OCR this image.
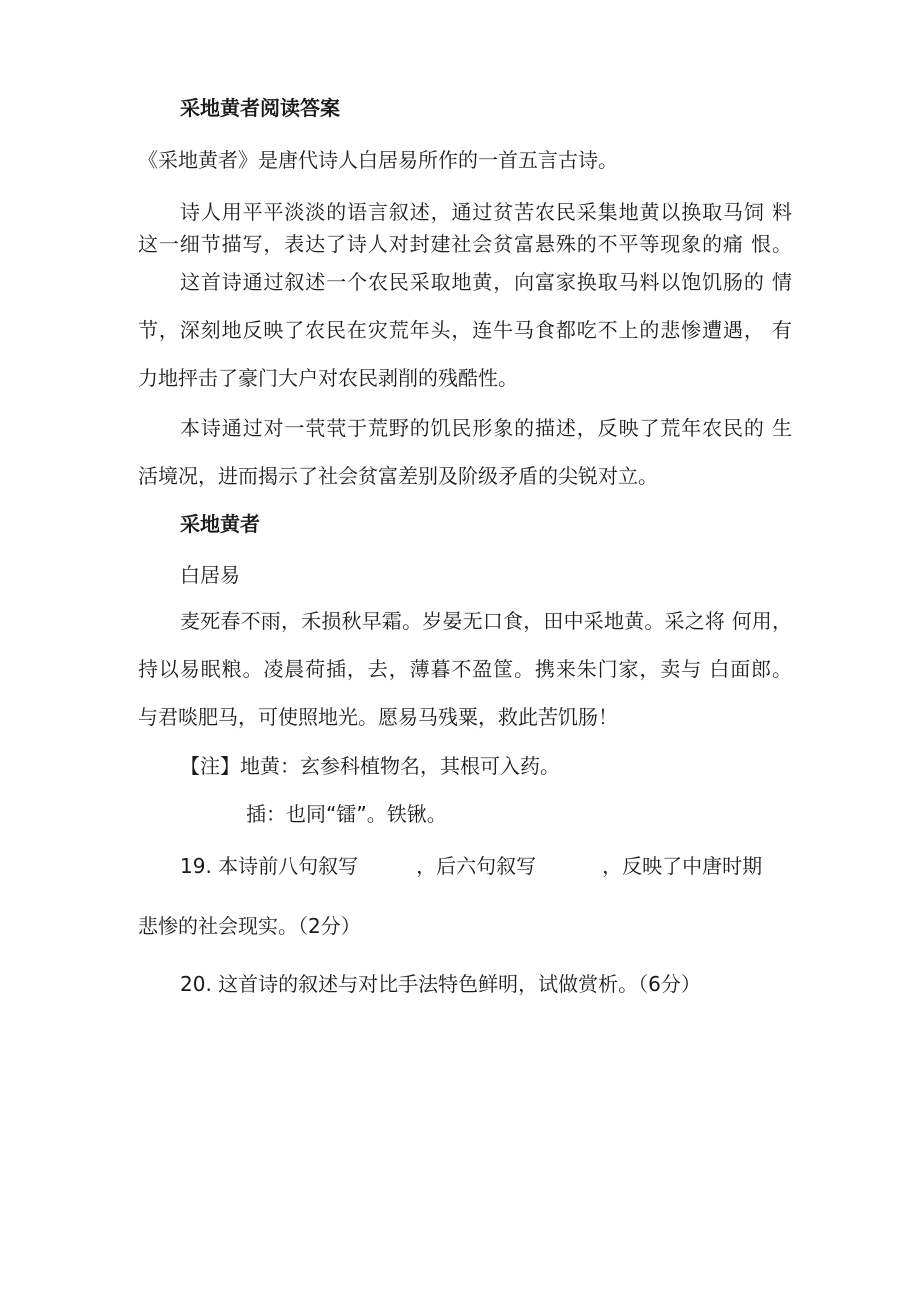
采地黄者阅读答案

《采地黄者》是唐代诗人白居易所作的一首五言古诗。

诗人用平平淡淡的语言叙述，通过贫苦农民采集地黄以换取马饲 料

这一细节描写，表达了诗人对封建社会贫富悬殊的不平等现象的痛 恨。

这首诗通过叙述一个农民采取地黄，向富家换取马料以饱饥肠的 情

节，深刻地反映了农民在灾荒年头，连牛马食都吃不上的悲惨遭遇， 有

力地抨击了豪门大户对农民剥削的残酷性。

本诗通过对一茕茕于荒野的饥民形象的描述，反映了荒年农民的 生

活境况，进而揭示了社会贫富差别及阶级矛盾的尖锐对立。

采地黄者

白居易

麦死春不雨，禾损秋早霜。岁晏无口食，田中采地黄。采之将 何用，

持以易眠粮。凌晨荷插，去，薄暮不盈筐。携来朱门家，卖与 白面郎。

与君啖肥马，可使照地光。愿易马残粟，救此苦饥肠！

【注】地黄：玄参科植物名，其根可入药。

插：也同“镭”。铁锹。

19. 本诗前八句叙写	，后六句叙写	，反映了中唐时期

悲惨的社会现实。（2分）

20. 这首诗的叙述与对比手法特色鲜明，试做赏析。（6分）
